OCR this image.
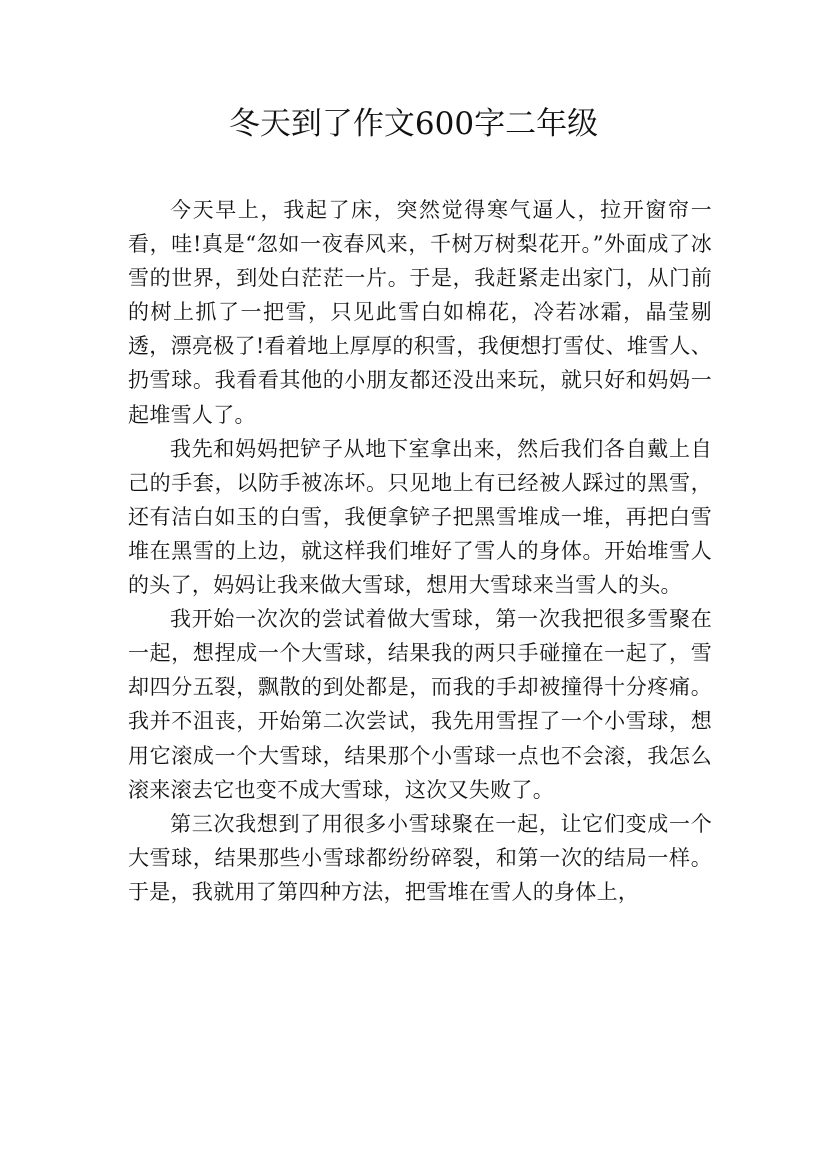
冬天到了作文600字二年级

今天早上，我起了床，突然觉得寒气逼人，拉开窗帘一看，哇!真是“忽如一夜春风来，千树万树梨花开。”外面成了冰雪的世界，到处白茫茫一片。于是，我赶紧走出家门，从门前的树上抓了一把雪，只见此雪白如棉花，冷若冰霜，晶莹剔透，漂亮极了!看着地上厚厚的积雪，我便想打雪仗、堆雪人、扔雪球。我看看其他的小朋友都还没出来玩，就只好和妈妈一起堆雪人了。

我先和妈妈把铲子从地下室拿出来，然后我们各自戴上自己的手套，以防手被冻坏。只见地上有已经被人踩过的黑雪，还有洁白如玉的白雪，我便拿铲子把黑雪堆成一堆，再把白雪堆在黑雪的上边，就这样我们堆好了雪人的身体。开始堆雪人的头了，妈妈让我来做大雪球，想用大雪球来当雪人的头。

我开始一次次的尝试着做大雪球，第一次我把很多雪聚在一起，想捏成一个大雪球，结果我的两只手碰撞在一起了，雪却四分五裂，飘散的到处都是，而我的手却被撞得十分疼痛。我并不沮丧，开始第二次尝试，我先用雪捏了一个小雪球，想用它滚成一个大雪球，结果那个小雪球一点也不会滚，我怎么滚来滚去它也变不成大雪球，这次又失败了。

第三次我想到了用很多小雪球聚在一起，让它们变成一个大雪球，结果那些小雪球都纷纷碎裂，和第一次的结局一样。于是，我就用了第四种方法，把雪堆在雪人的身体上，
